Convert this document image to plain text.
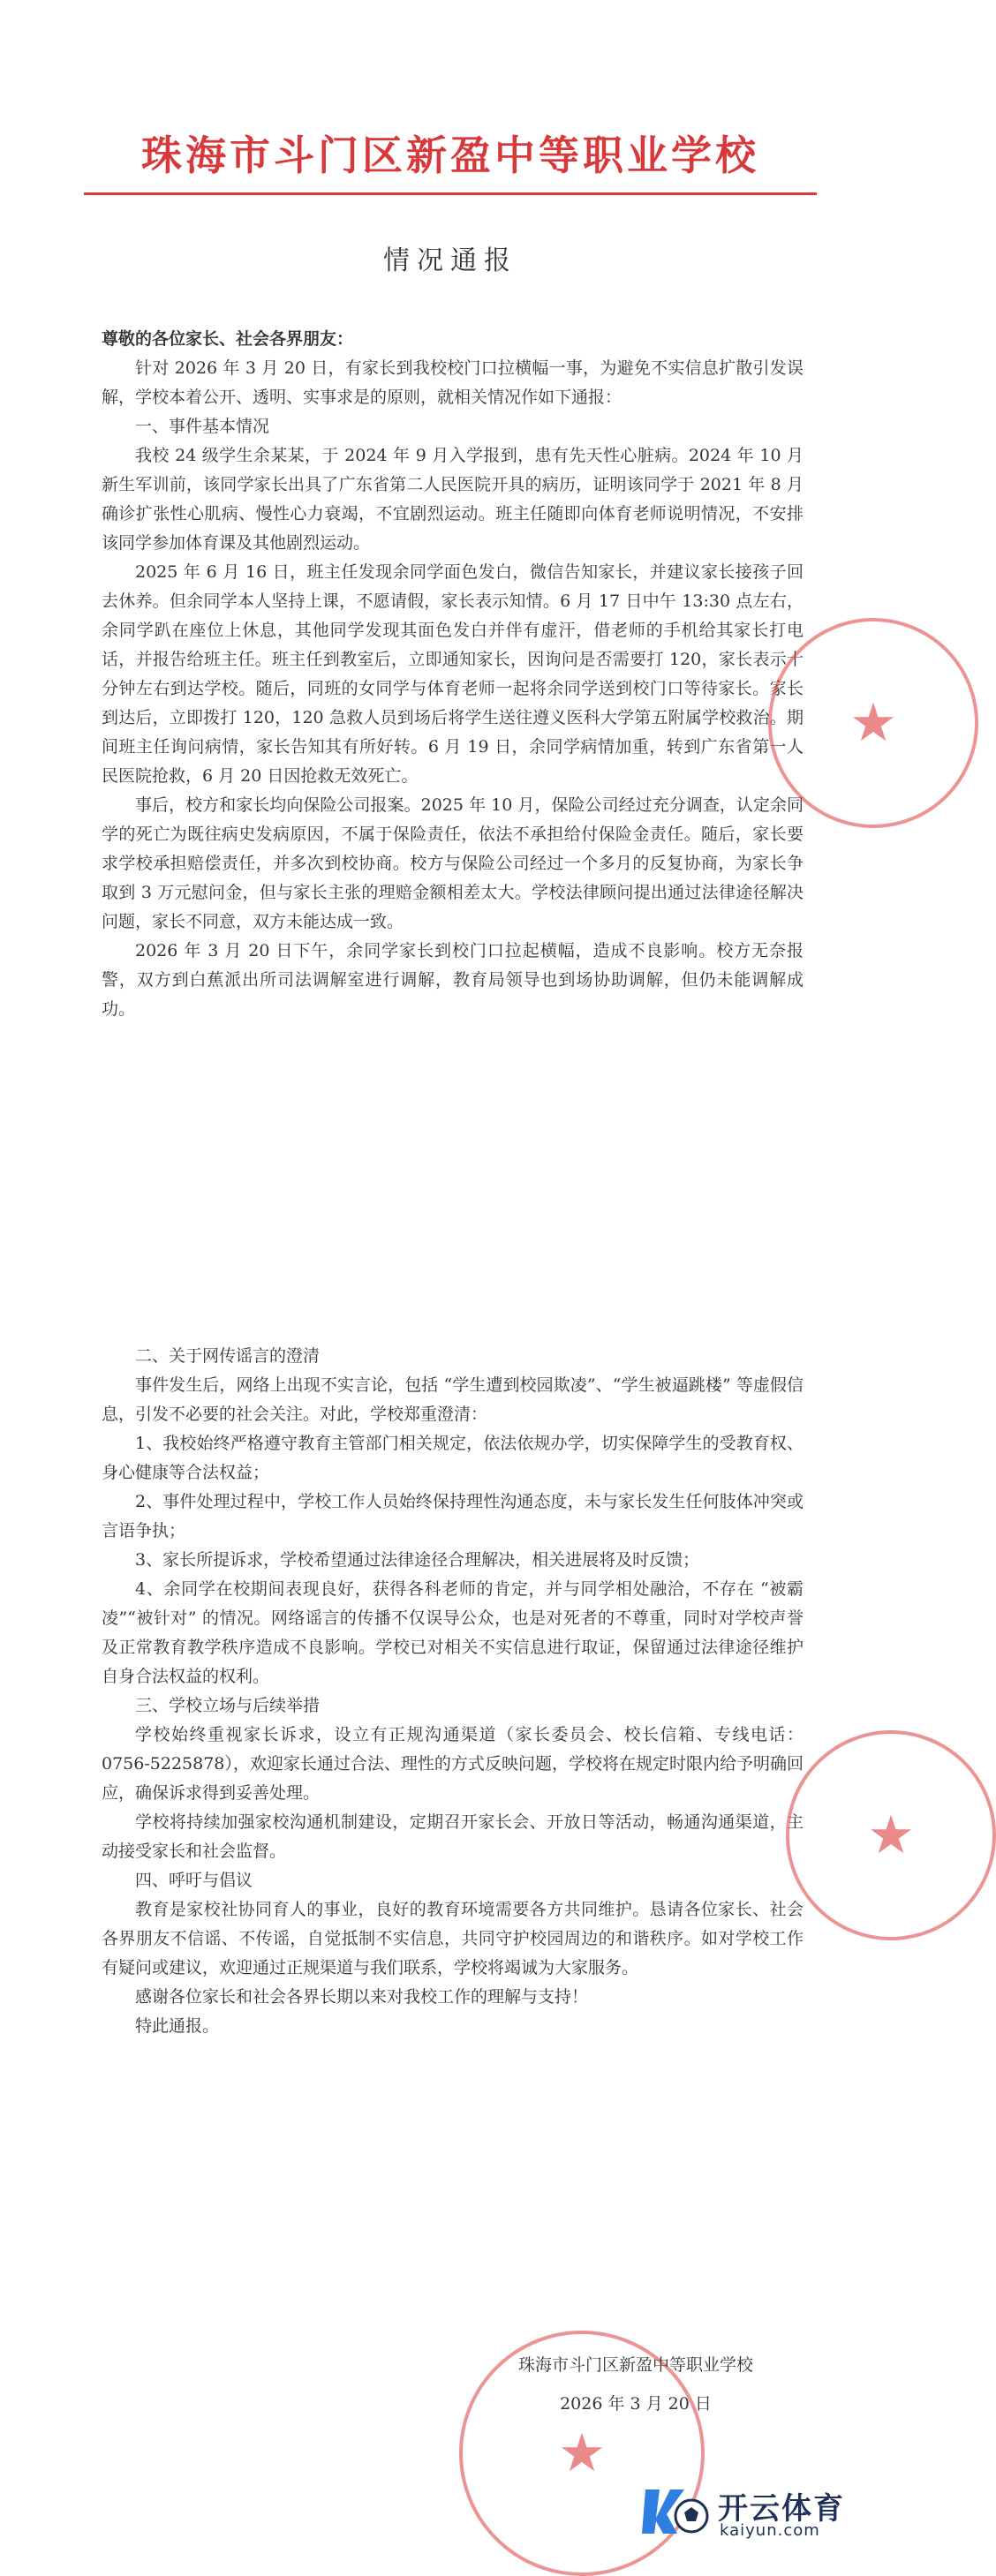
珠海市斗门区新盈中等职业学校
情况通报

尊敬的各位家长、社会各界朋友：

针对 2026 年 3 月 20 日，有家长到我校校门口拉横幅一事，为避免不实信息扩散引发误解，学校本着公开、透明、实事求是的原则，就相关情况作如下通报：

一、事件基本情况

我校 24 级学生余某某，于 2024 年 9 月入学报到，患有先天性心脏病。2024 年 10 月新生军训前，该同学家长出具了广东省第二人民医院开具的病历，证明该同学于 2021 年 8 月确诊扩张性心肌病、慢性心力衰竭，不宜剧烈运动。班主任随即向体育老师说明情况，不安排该同学参加体育课及其他剧烈运动。

2025 年 6 月 16 日，班主任发现余同学面色发白，微信告知家长，并建议家长接孩子回去休养。但余同学本人坚持上课，不愿请假，家长表示知情。6 月 17 日中午 13:30 点左右，余同学趴在座位上休息，其他同学发现其面色发白并伴有虚汗，借老师的手机给其家长打电话，并报告给班主任。班主任到教室后，立即通知家长，因询问是否需要打 120，家长表示十分钟左右到达学校。随后，同班的女同学与体育老师一起将余同学送到校门口等待家长。家长到达后，立即拨打 120，120 急救人员到场后将学生送往遵义医科大学第五附属学校救治。期间班主任询问病情，家长告知其有所好转。6 月 19 日，余同学病情加重，转到广东省第一人民医院抢救，6 月 20 日因抢救无效死亡。

事后，校方和家长均向保险公司报案。2025 年 10 月，保险公司经过充分调查，认定余同学的死亡为既往病史发病原因，不属于保险责任，依法不承担给付保险金责任。随后，家长要求学校承担赔偿责任，并多次到校协商。校方与保险公司经过一个多月的反复协商，为家长争取到 3 万元慰问金，但与家长主张的理赔金额相差太大。学校法律顾问提出通过法律途径解决问题，家长不同意，双方未能达成一致。

2026 年 3 月 20 日下午，余同学家长到校门口拉起横幅，造成不良影响。校方无奈报警，双方到白蕉派出所司法调解室进行调解，教育局领导也到场协助调解，但仍未能调解成功。

二、关于网传谣言的澄清

事件发生后，网络上出现不实言论，包括 “学生遭到校园欺凌”、“学生被逼跳楼” 等虚假信息，引发不必要的社会关注。对此，学校郑重澄清：

1、我校始终严格遵守教育主管部门相关规定，依法依规办学，切实保障学生的受教育权、身心健康等合法权益；

2、事件处理过程中，学校工作人员始终保持理性沟通态度，未与家长发生任何肢体冲突或言语争执；

3、家长所提诉求，学校希望通过法律途径合理解决，相关进展将及时反馈；

4、余同学在校期间表现良好，获得各科老师的肯定，并与同学相处融洽，不存在 “被霸凌”“被针对” 的情况。网络谣言的传播不仅误导公众，也是对死者的不尊重，同时对学校声誉及正常教育教学秩序造成不良影响。学校已对相关不实信息进行取证，保留通过法律途径维护自身合法权益的权利。

三、学校立场与后续举措

学校始终重视家长诉求，设立有正规沟通渠道（家长委员会、校长信箱、专线电话：0756-5225878），欢迎家长通过合法、理性的方式反映问题，学校将在规定时限内给予明确回应，确保诉求得到妥善处理。

学校将持续加强家校沟通机制建设，定期召开家长会、开放日等活动，畅通沟通渠道，主动接受家长和社会监督。

四、呼吁与倡议

教育是家校社协同育人的事业，良好的教育环境需要各方共同维护。恳请各位家长、社会各界朋友不信谣、不传谣，自觉抵制不实信息，共同守护校园周边的和谐秩序。如对学校工作有疑问或建议，欢迎通过正规渠道与我们联系，学校将竭诚为大家服务。

感谢各位家长和社会各界长期以来对我校工作的理解与支持！

特此通报。

★
★
★
珠海市斗门区新盈中等职业学校
2026 年 3 月 20 日
开云体育
kaiyun.com
